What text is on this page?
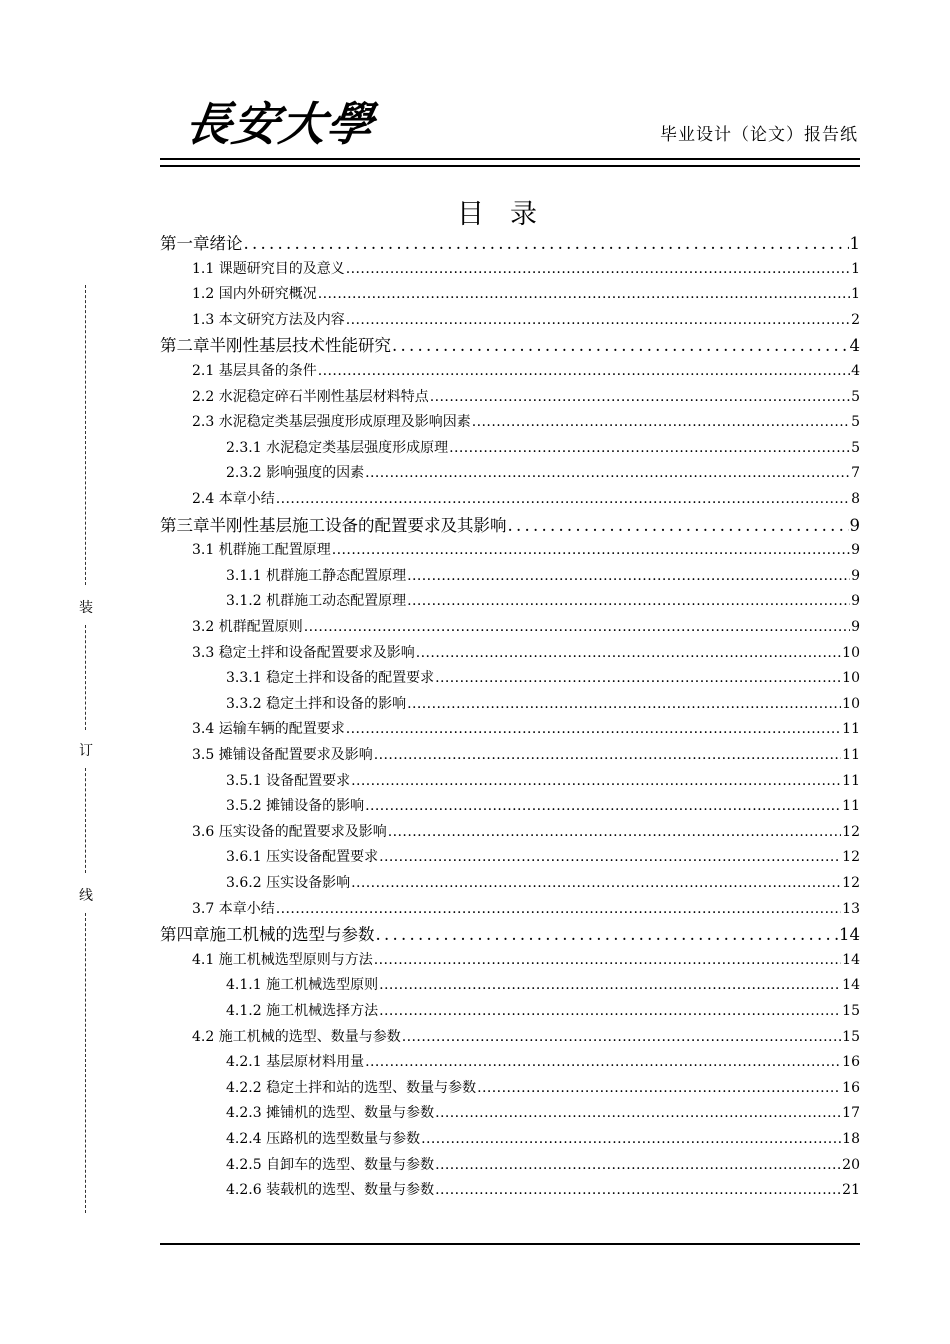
長安大學	毕业设计（论文）报告纸
目录
装
订
线
第一章绪论 . . .	1
1.1 课题研究目的及意义 . . .	1
1.2 国内外研究概况 . . .	1
1.3 本文研究方法及内容 . . .	2
第二章半刚性基层技术性能研究 . . .	4
2.1 基层具备的条件 . . .	4
2.2 水泥稳定碎石半刚性基层材料特点 . . .	5
2.3 水泥稳定类基层强度形成原理及影响因素 . . .	5
2.3.1 水泥稳定类基层强度形成原理 . . .	5
2.3.2 影响强度的因素 . . .	7
2.4 本章小结 . . .	8
第三章半刚性基层施工设备的配置要求及其影响 . . .	9
3.1 机群施工配置原理 . . .	9
3.1.1 机群施工静态配置原理 . . .	9
3.1.2 机群施工动态配置原理 . . .	9
3.2 机群配置原则 . . .	9
3.3 稳定土拌和设备配置要求及影响 . . .	10
3.3.1 稳定土拌和设备的配置要求 . . .	10
3.3.2 稳定土拌和设备的影响 . . .	10
3.4 运输车辆的配置要求 . . .	11
3.5 摊铺设备配置要求及影响 . . .	11
3.5.1 设备配置要求 . . .	11
3.5.2 摊铺设备的影响 . . .	11
3.6 压实设备的配置要求及影响 . . .	12
3.6.1 压实设备配置要求 . . .	12
3.6.2 压实设备影响 . . .	12
3.7 本章小结 . . .	13
第四章施工机械的选型与参数 . . .	14
4.1 施工机械选型原则与方法 . . .	14
4.1.1 施工机械选型原则 . . .	14
4.1.2 施工机械选择方法 . . .	15
4.2 施工机械的选型、数量与参数 . . .	15
4.2.1 基层原材料用量 . . .	16
4.2.2 稳定土拌和站的选型、数量与参数 . . .	16
4.2.3 摊铺机的选型、数量与参数 . . .	17
4.2.4 压路机的选型数量与参数 . . .	18
4.2.5 自卸车的选型、数量与参数 . . .	20
4.2.6 装载机的选型、数量与参数 . . .	21
